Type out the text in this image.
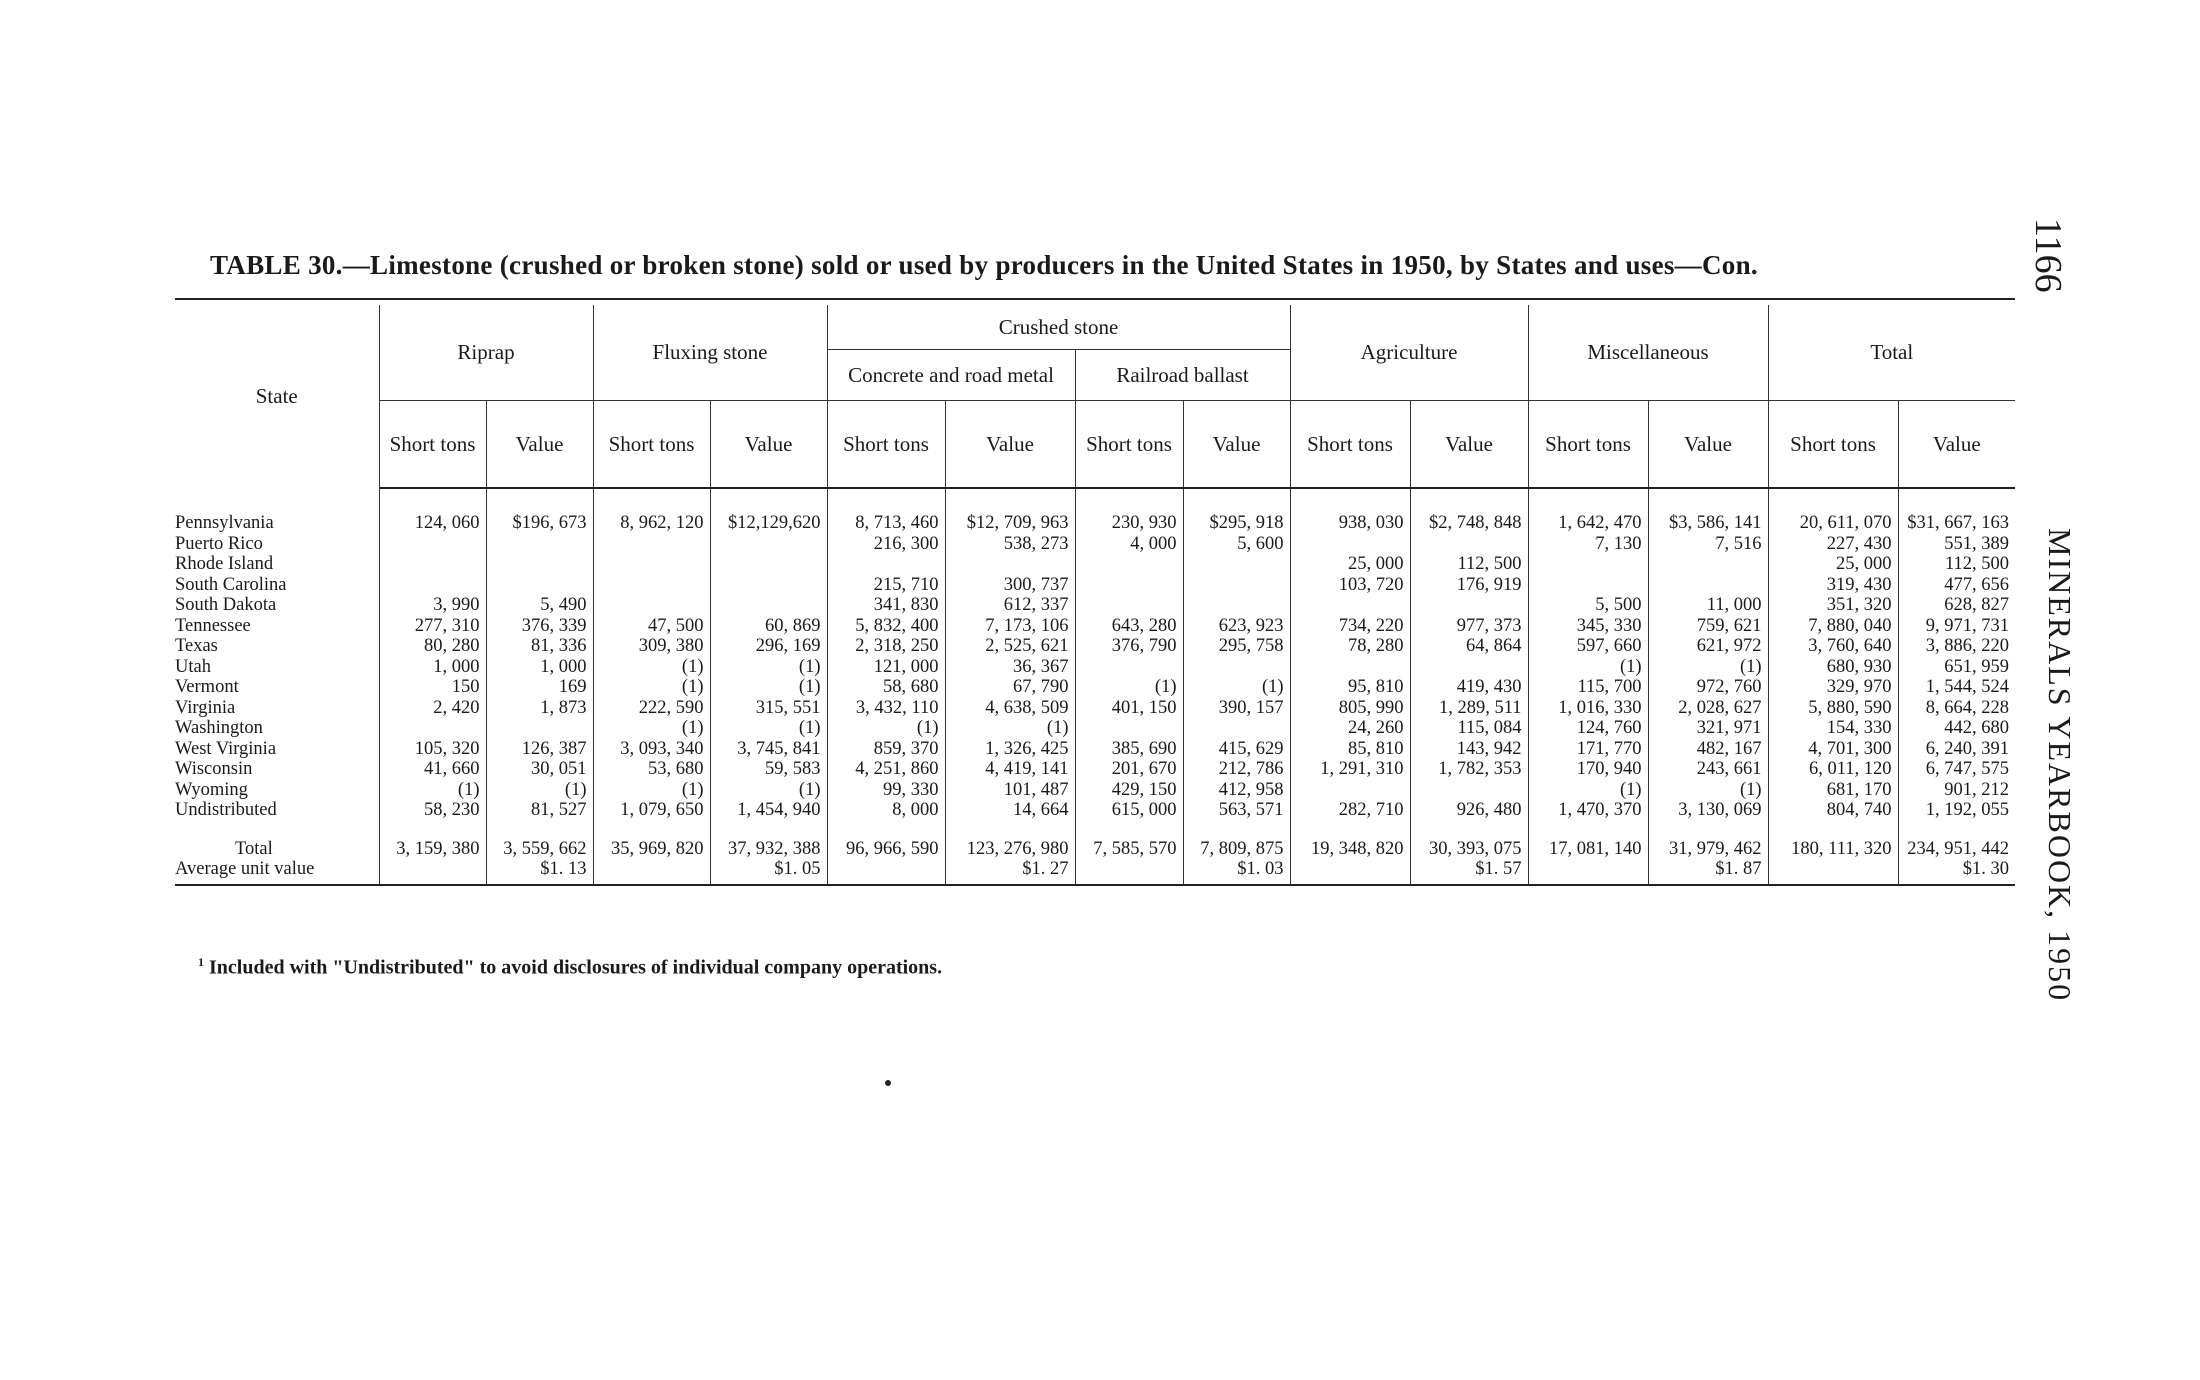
TABLE 30.—Limestone (crushed or broken stone) sold or used by producers in the United States in 1950, by States and uses—Con.	1166
MINERALS YEARBOOK, 1950
State	Riprap		Fluxing stone		Crushed stone				Agriculture		Miscellaneous		Total	
					Concrete and road metal		Railroad ballast							
	Short tons	Value	Short tons	Value	Short tons	Value	Short tons	Value	Short tons	Value	Short tons	Value	Short tons	Value
Pennsylvania	124, 060	$196, 673	8, 962, 120	$12,129,620	8, 713, 460	$12, 709, 963	230, 930	$295, 918	938, 030	$2, 748, 848	1, 642, 470	$3, 586, 141	20, 611, 070	$31, 667, 163
Puerto Rico					216, 300	538, 273	4, 000	5, 600			7, 130	7, 516	227, 430	551, 389
Rhode Island									25, 000	112, 500			25, 000	112, 500
South Carolina					215, 710	300, 737			103, 720	176, 919			319, 430	477, 656
South Dakota	3, 990	5, 490			341, 830	612, 337					5, 500	11, 000	351, 320	628, 827
Tennessee	277, 310	376, 339	47, 500	60, 869	5, 832, 400	7, 173, 106	643, 280	623, 923	734, 220	977, 373	345, 330	759, 621	7, 880, 040	9, 971, 731
Texas	80, 280	81, 336	309, 380	296, 169	2, 318, 250	2, 525, 621	376, 790	295, 758	78, 280	64, 864	597, 660	621, 972	3, 760, 640	3, 886, 220
Utah	1, 000	1, 000	(1)	(1)	121, 000	36, 367					(1)	(1)	680, 930	651, 959
Vermont	150	169	(1)	(1)	58, 680	67, 790	(1)	(1)	95, 810	419, 430	115, 700	972, 760	329, 970	1, 544, 524
Virginia	2, 420	1, 873	222, 590	315, 551	3, 432, 110	4, 638, 509	401, 150	390, 157	805, 990	1, 289, 511	1, 016, 330	2, 028, 627	5, 880, 590	8, 664, 228
Washington			(1)	(1)	(1)	(1)			24, 260	115, 084	124, 760	321, 971	154, 330	442, 680
West Virginia	105, 320	126, 387	3, 093, 340	3, 745, 841	859, 370	1, 326, 425	385, 690	415, 629	85, 810	143, 942	171, 770	482, 167	4, 701, 300	6, 240, 391
Wisconsin	41, 660	30, 051	53, 680	59, 583	4, 251, 860	4, 419, 141	201, 670	212, 786	1, 291, 310	1, 782, 353	170, 940	243, 661	6, 011, 120	6, 747, 575
Wyoming	(1)	(1)	(1)	(1)	99, 330	101, 487	429, 150	412, 958			(1)	(1)	681, 170	901, 212
Undistributed	58, 230	81, 527	1, 079, 650	1, 454, 940	8, 000	14, 664	615, 000	563, 571	282, 710	926, 480	1, 470, 370	3, 130, 069	804, 740	1, 192, 055

Total	3, 159, 380	3, 559, 662	35, 969, 820	37, 932, 388	96, 966, 590	123, 276, 980	7, 585, 570	7, 809, 875	19, 348, 820	30, 393, 075	17, 081, 140	31, 979, 462	180, 111, 320	234, 951, 442
Average unit value		$1. 13		$1. 05		$1. 27		$1. 03		$1. 57		$1. 87		$1. 30
$^1$ Included with "Undistributed" to avoid disclosures of individual company operations.
